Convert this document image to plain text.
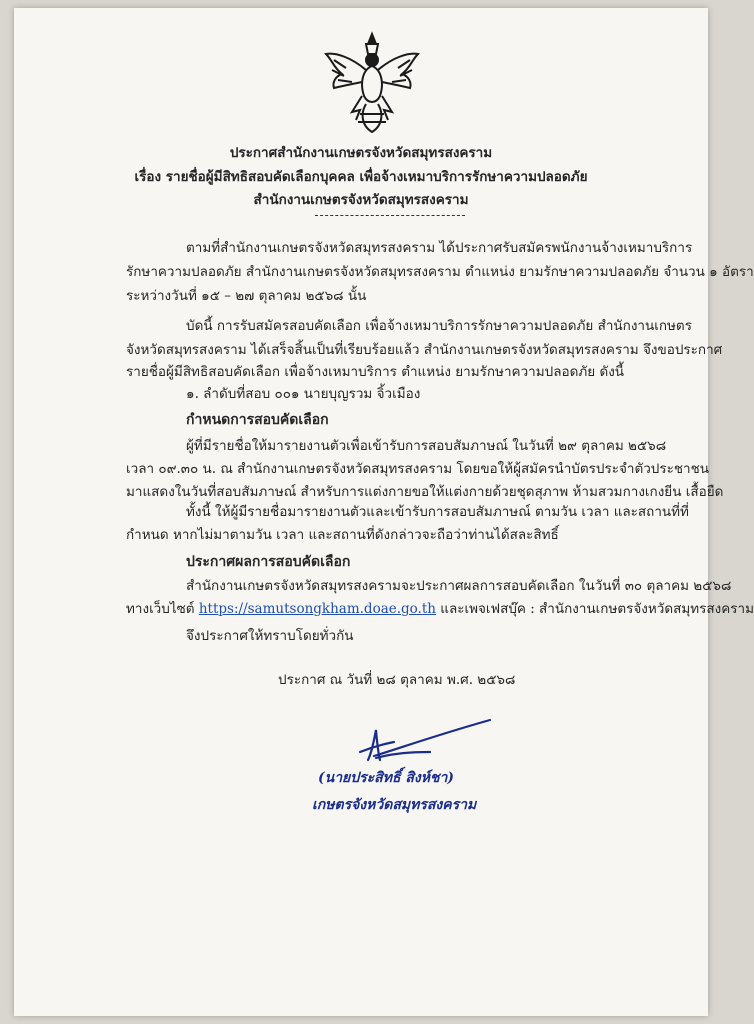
ประกาศสำนักงานเกษตรจังหวัดสมุทรสงคราม
เรื่อง รายชื่อผู้มีสิทธิสอบคัดเลือกบุคคล เพื่อจ้างเหมาบริการรักษาความปลอดภัย
สำนักงานเกษตรจังหวัดสมุทรสงคราม
ตามที่สำนักงานเกษตรจังหวัดสมุทรสงคราม ได้ประกาศรับสมัครพนักงานจ้างเหมาบริการ
รักษาความปลอดภัย สำนักงานเกษตรจังหวัดสมุทรสงคราม ตำแหน่ง ยามรักษาความปลอดภัย จำนวน ๑ อัตรา
ระหว่างวันที่ ๑๕ – ๒๗ ตุลาคม ๒๕๖๘ นั้น
บัดนี้ การรับสมัครสอบคัดเลือก เพื่อจ้างเหมาบริการรักษาความปลอดภัย สำนักงานเกษตร
จังหวัดสมุทรสงคราม ได้เสร็จสิ้นเป็นที่เรียบร้อยแล้ว สำนักงานเกษตรจังหวัดสมุทรสงคราม จึงขอประกาศ
รายชื่อผู้มีสิทธิสอบคัดเลือก เพื่อจ้างเหมาบริการ ตำแหน่ง ยามรักษาความปลอดภัย ดังนี้
๑. ลำดับที่สอบ ๐๐๑ นายบุญรวม จิ้วเมือง
กำหนดการสอบคัดเลือก
ผู้ที่มีรายชื่อให้มารายงานตัวเพื่อเข้ารับการสอบสัมภาษณ์ ในวันที่ ๒๙ ตุลาคม ๒๕๖๘
เวลา ๐๙.๓๐ น. ณ สำนักงานเกษตรจังหวัดสมุทรสงคราม โดยขอให้ผู้สมัครนำบัตรประจำตัวประชาชน
มาแสดงในวันที่สอบสัมภาษณ์ สำหรับการแต่งกายขอให้แต่งกายด้วยชุดสุภาพ ห้ามสวมกางเกงยีน เสื้อยืด
ทั้งนี้ ให้ผู้มีรายชื่อมารายงานตัวและเข้ารับการสอบสัมภาษณ์ ตามวัน เวลา และสถานที่ที่
กำหนด หากไม่มาตามวัน เวลา และสถานที่ดังกล่าวจะถือว่าท่านได้สละสิทธิ์
ประกาศผลการสอบคัดเลือก
สำนักงานเกษตรจังหวัดสมุทรสงครามจะประกาศผลการสอบคัดเลือก ในวันที่ ๓๐ ตุลาคม ๒๕๖๘
ทางเว็บไซต์ https://samutsongkham.doae.go.th และเพจเฟสบุ๊ค : สำนักงานเกษตรจังหวัดสมุทรสงคราม
จึงประกาศให้ทราบโดยทั่วกัน
ประกาศ ณ วันที่ ๒๘ ตุลาคม พ.ศ. ๒๕๖๘
(นายประสิทธิ์ สิงห์ชา)
เกษตรจังหวัดสมุทรสงคราม
